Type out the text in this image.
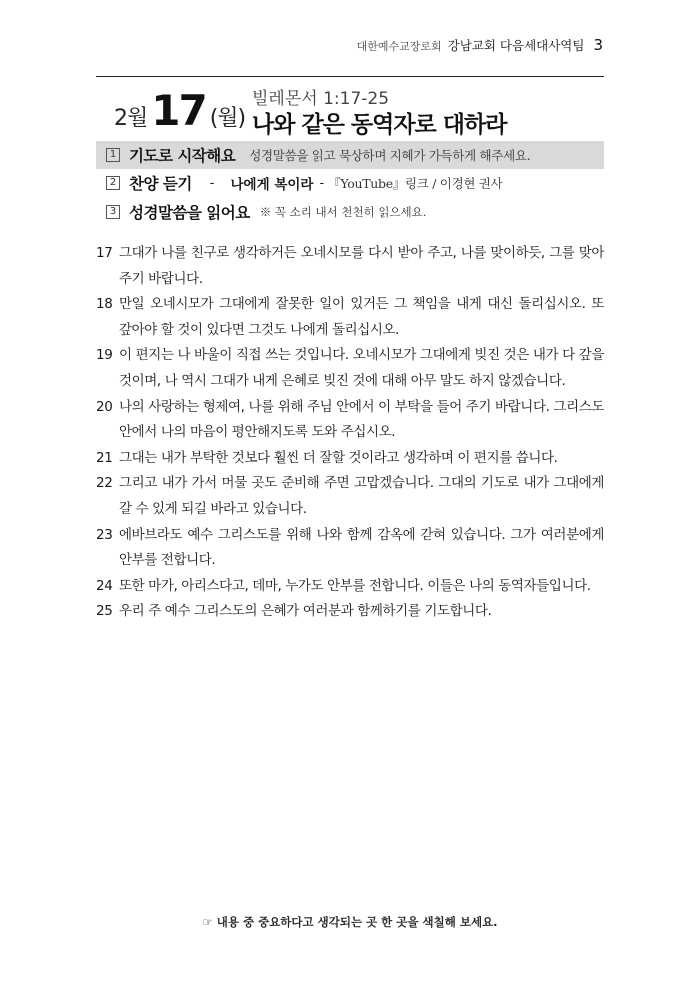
대한예수교장로회 강남교회 다음세대사역팀 3
2월 17 (월)
빌레몬서 1:17-25
나와 같은 동역자로 대하라
1 기도로 시작해요 성경말씀을 읽고 묵상하며 지혜가 가득하게 해주세요.
2 찬양 듣기 - 나에게 복이라 - 『YouTube』링크 / 이경현 권사
3 성경말씀을 읽어요 ※ 꼭 소리 내서 천천히 읽으세요.
17 그대가 나를 친구로 생각하거든 오네시모를 다시 받아 주고, 나를 맞이하듯, 그를 맞아 주기 바랍니다.
18 만일 오네시모가 그대에게 잘못한 일이 있거든 그 책임을 내게 대신 돌리십시오. 또 갚아야 할 것이 있다면 그것도 나에게 돌리십시오.
19 이 편지는 나 바울이 직접 쓰는 것입니다. 오네시모가 그대에게 빚진 것은 내가 다 갚을 것이며, 나 역시 그대가 내게 은혜로 빚진 것에 대해 아무 말도 하지 않겠습니다.
20 나의 사랑하는 형제여, 나를 위해 주님 안에서 이 부탁을 들어 주기 바랍니다. 그리스도 안에서 나의 마음이 평안해지도록 도와 주십시오.
21 그대는 내가 부탁한 것보다 훨씬 더 잘할 것이라고 생각하며 이 편지를 씁니다.
22 그리고 내가 가서 머물 곳도 준비해 주면 고맙겠습니다. 그대의 기도로 내가 그대에게 갈 수 있게 되길 바라고 있습니다.
23 에바브라도 예수 그리스도를 위해 나와 함께 감옥에 갇혀 있습니다. 그가 여러분에게 안부를 전합니다.
24 또한 마가, 아리스다고, 데마, 누가도 안부를 전합니다. 이들은 나의 동역자들입니다.
25 우리 주 예수 그리스도의 은혜가 여러분과 함께하기를 기도합니다.
☞ 내용 중 중요하다고 생각되는 곳 한 곳을 색칠해 보세요.
